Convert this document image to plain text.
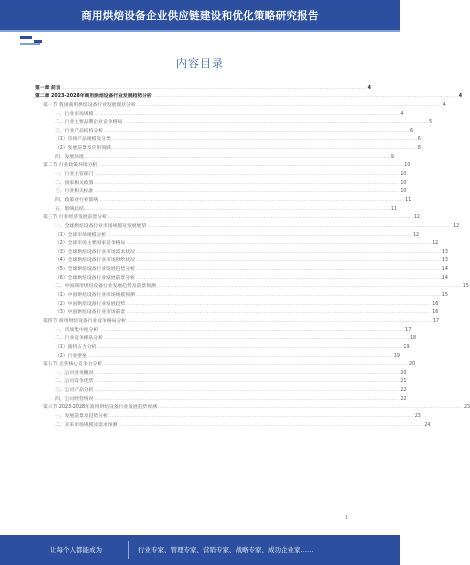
商用烘焙设备企业供应链建设和优化策略研究报告
内容目录
第一章 前言 ........................................................................................................................................................................................................ 4
第二章 2023-2028年商用烘焙设备行业发展趋势分析 ........................................................................................................................................................................................................ 4
第一节 我国商用烘焙设备行业发展现状分析 ........................................................................................................................................................................................................ 4
一、行业市场规模 ........................................................................................................................................................................................................ 4
二、行业主要品牌企业竞争格局 ........................................................................................................................................................................................................ 5
三、行业产品结构分析 ........................................................................................................................................................................................................ 6
（1）市场产品规模及分类 ........................................................................................................................................................................................................ 6
（2）发展前景及应用领域 ........................................................................................................................................................................................................ 8
四、发展环境 ........................................................................................................................................................................................................ 9
第二节 行业政策环境分析 ........................................................................................................................................................................................................ 10
一、行业主管部门 ........................................................................................................................................................................................................ 10
二、国家相关政策 ........................................................................................................................................................................................................ 10
三、行业相关标准 ........................................................................................................................................................................................................ 10
四、政策对行业影响 ........................................................................................................................................................................................................ 11
五、影响总结 ........................................................................................................................................................................................................ 11
第三节 行业经济发展前景分析 ........................................................................................................................................................................................................ 12
一、全球烘焙设备行业市场规模及发展展望 ........................................................................................................................................................................................................ 12
（1）全球市场规模分析 ........................................................................................................................................................................................................ 12
（2）全球市场主要国家竞争格局 ........................................................................................................................................................................................................ 12
（3）全球烘焙设备行业市场需求状况 ........................................................................................................................................................................................................ 13
（4）全球烘焙设备行业市场供给状况 ........................................................................................................................................................................................................ 13
（5）全球烘焙设备行业发展趋势分析 ........................................................................................................................................................................................................ 14
（6）全球烘焙设备行业发展前景分析 ........................................................................................................................................................................................................ 14
二、中国商用烘焙设备行业发展趋势及前景预测 ........................................................................................................................................................................................................ 15
（1）中国烘焙设备行业市场规模预测 ........................................................................................................................................................................................................ 15
（2）中国烘焙设备行业发展趋势 ........................................................................................................................................................................................................ 16
（3）中国烘焙设备行业市场前景 ........................................................................................................................................................................................................ 16
第四节 商用烘焙设备行业竞争格局分析 ........................................................................................................................................................................................................ 17
一、市场集中度分析 ........................................................................................................................................................................................................ 17
二、行业竞争梯队分析 ........................................................................................................................................................................................................ 18
（1）波特五力分析 ........................................................................................................................................................................................................ 19
（2）行业壁垒 ........................................................................................................................................................................................................ 19
第五节 企业核心竞争力分析 ........................................................................................................................................................................................................ 20
一、公司业务概况 ........................................................................................................................................................................................................ 20
二、公司竞争优势 ........................................................................................................................................................................................................ 21
三、公司产品分析 ........................................................................................................................................................................................................ 22
四、公司经营情况 ........................................................................................................................................................................................................ 22
第六节 2023-2028年商用烘焙设备行业发展趋势预测 ........................................................................................................................................................................................................ 23
一、发展前景及趋势分析 ........................................................................................................................................................................................................ 23
二、未来市场规模及需求预测 ........................................................................................................................................................................................................ 24
1
让每个人都能成为	行业专家、管理专家、营销专家、战略专家、成功企业家……
